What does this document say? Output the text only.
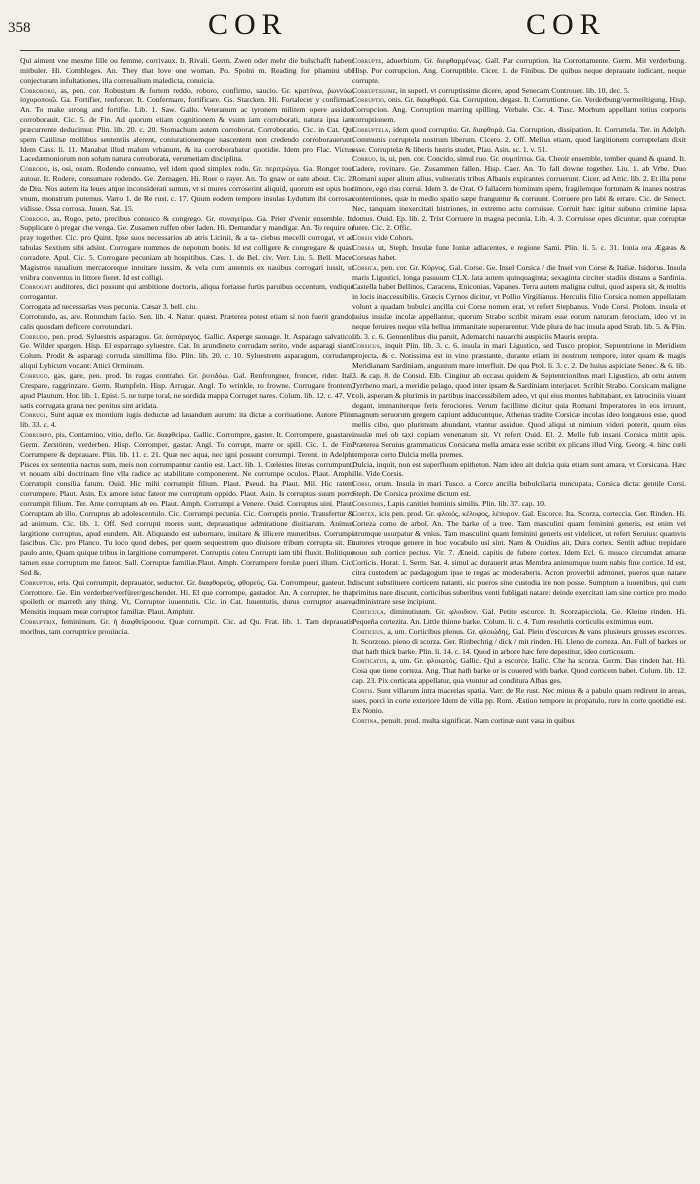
358	COR	COR

Qui aiment vne mesme fille ou femme, corrivaux. It. Rivali. Germ. Zwen oder mehr die bulschafft haben/ mitbuler. Hi. Combleges. An. They that love one woman. Po. Spolni m. Reading for pliamini ubi conjecturam infultationes, illa correualium maledicta, conuicia.

Corroboro, as, pen. cor. Robustum & fortem reddo, roboro, confirmo, saucio. Gr. κρατύνω, ῥωννύω, ἰσχυροποιῶ. Ga. Fortifier, renforcer. It. Confermare, fortificare. Gs. Starcken. Hi. Fortalecer y confirmar. An. To make strong and fortifie. Lib. 1. Saw. Gallo. Veteranum ac tyronem militem opere assiduo corroborauit. Cic. 5. de Fin. Ad quorum etiam cognitionem & vsum iam corroborati, natura ipsa iam præcurrente deducimur. Plin. lib. 20. c. 20. Stomachum autem corroborat. Corroboratio. Cic. in Cat. Qui spem Catilinæ mollibus sententiis alerent, coniurationemque nascentem non credendo corroborauerunt. Idem Cass. li. 11. Manabat illud malum vrbanum, & ita corroborabatur quotidie. Idem pro Flac. Victus Lacedæmoniorum non solum natura corroborata, verumetiam disciplina.

Corrodo, is, osi, osum. Rodendo consumo, vel idem quod simplex rodo. Gr. περιτρώγω. Ga. Ronger tout autour. It. Rodere, consumare rodendo. Ge. Zernagen. Hi. Roer o rayer. An. To gnaw or eate about. Cic. 2. de Diu. Nos autem ita leues atque inconsiderati sumus, vt si mures corroserint aliquid, quorum est opus hoc vnum, monstrum putemus. Varro 1. de Re rust. c. 17. Quum eodem tempore insulas Lydutum ibi corrosas vidisse. Ossa corrosa. Juuen. Sat. 15.

Corrogo, as, Rogo, peto, precibus conuoco & congrego. Gr. συναγείρω. Ga. Prier d'venir ensemble. It. Supplicare ò pregar che venga. Ge. Zusamen ruffen ober laden. Hi. Demandar y mandigar. An. To require or pray together. Cic. pro Quint. Ipse suos necessarios ab atris Licinii, & a ta- ciebus mecelli corrogat, vt ad tabulas Sextium sibi adsint. Corrogare nummos de nepotum bonis. Id est colligere & congregare & quasi corradere. Apul. Cic. 5. Corrogare pecuniam ab hospitibus. Cæs. 1. de Bel. civ. Verr. Liu. 5. Bell. Mace. Magistros naualium mercatoreque intuitare iussim, & vela cum antennis ex nauibus corrogari iussit, ut vnibra conventus in littore fieret. Id est colligi.

Corrogati auditores, dici possunt qui ambitione doctoris, aliqua fortasse furtis paruibus occentum, vndique corrogantur.

Corrogata ad necessarias vsus pecunia. Cæsar 3. bell. ciu.

Corrotundo, as, are. Rotundum facio. Sen. lib. 4. Natur. quæst. Præterea potest etiam si non fuerit grando, calis quosdam deficere corrotundari.

Corrudo, pen. prod. Syluestris asparagus. Gr. ἀσπάραγος. Gallic. Asperge sauuage. It. Asparago salvatico. Ge. Wilder spargen. Hisp. El esparrago syluestre. Cat. In arundineto corrudam serito, vnde asparagi siant. Colum. Prodit & asparagi corruda simillima filo. Plin. lib. 20. c. 10. Syluestrem asparagum, corrudam, aliqui Lybicum vocant: Attici Orminum.

Corrugo, gas, gare, pen. prod. In rugas contraho. Gr. ῥυτιδόω. Gal. Renfrongner, froncer, rider. Ital. Crespare, raggrinzare. Germ. Rumpfeln. Hisp. Arrugar. Angl. To wrinkle, to frowne. Corrugare frontem, apud Plautum. Hor. lib. 1. Epist. 5. ne turpe toral, ne sordida mappa Corruget nares. Colum. lib. 12. c. 47. Vt satis corrugata grana nec penitus sint aridata.

Corrugi, Sunt aquæ ex montium iugis deductæ ad lauandum aurum: ita dictæ a corriuatione. Autore Plin. lib. 33. c. 4.

Corrumpo, pis, Contamino, vitio, deflo. Gr. διαφθείρω. Gallic. Corrompre, gaster. It. Corrompere, guastare. Germ. Zerstören, verderben. Hisp. Corromper, gastar. Angl. To corrupt, marre or spill. Cic. 1. de Fin. Corrumpere & deprauare. Plin. lib. 11. c. 21. Quæ nec aqua, nec igni possunt corrumpi. Terent. in Adelph. Pisces ex sententia nactus sum, meis non corrumpantur cautio est. Lact. lib. 1. Cœlestes literas corrumpunt, vt nouam sibi doctrinam fine vlla radice ac stabilitate componerent. Ne corrumpe oculos. Plaut. Amph. Corrumpit consilia fatum. Ouid. Hic mihi corrumpit filium. Plaut. Pseud. Ita Plaut. Mil. Hic ratem corrumpere. Plaut. Asin. Ex amore istuc fateor me corruptum oppido. Plaut. Asin. Is corruptus suum porro corrumpit filium. Ter. Ante corruptam ab eo. Plaut. Amph. Corrumpi a Venere. Ouid. Corruptus uini. Plaut. Corruptam ab illo. Corruptus ab adolescentulo. Cic. Corrumpi pecunia. Cic. Corruptis pretio. Transfertur & ad animum. Cic. lib. 1. Off. Sed corrupti mores sunt, deprauatique admiratione diuitiarum. Animus largitione corruptus, apud eundem. Alt. Aliquando est subornare, inuitare & illicere muneribus. Corrumpi fascibus. Cic. pro Planco. Tu loco quod debes, per quem sequestrem quo diuisore tribum corrupta sit. Et paulo ante, Quam quique tribus in largitione corrumperet. Corruptis coteu Corrupti iam tibi fluxit. Bolitique tamen esse corruptum me fateor. Sall. Corruptæ familiæ.Plaut. Amph. Corrumpere ferulæ pueri illum. Cic. Sed &.

Corruptor, eris. Qui corrumpit, deprauator, seductor. Gr. διαφθορεύς, φθορεύς. Ga. Corrompeur, gasteur. It. Corrottore. Ge. Ein verderber/verfürer/geschendet. Hi. El que corrompe, gastador. An. A corrupter, he that spoileth or marreth any thing. Vt, Corruptor iuuentutis. Cic. in Cat. Iuuentutis, durus corruptor auare, Mensitis inquam meæ corruptor familiæ. Plaut. Amphitr.

Corruptrix, femininum. Gr. ἡ διαφθείρουσα. Quæ corrumpit. Cic. ad Qu. Frat. lib. 1. Tam deprauatis moribus, tam corruptrice prouincia.

Corrupte, aduerbium. Gr. διεφθαρμένως. Gall. Par corruption. Ita Corrottamente. Germ. Mit verderbung. Hisp. Por corrupcion. Ang. Corruptible. Cicer. 1. de Finibus. De quibus neque deprauate iudicant, neque corrupte.

Corruptissime, in superl. vt corruptissime dicere, apud Senecam Controuer. lib. 10. dec. 5.

Corruptio, onis. Gr. διαφθορά. Ga. Corruption, degast. It. Corruttione. Ge. Verderbung/vermeiltigung. Hisp. Corrupcion. Ang. Corruption marring spilling. Verbale. Cic. 4. Tusc. Morbum appellant totius corporis corruptionem.

Corruptela, idem quod corruptio. Gr. διαφθορά. Ga. Corruption, dissipation. It. Corruttela. Ter. in Adelph. Communis corruptela nostrum liberum. Cicero. 2. Off. Melius etiam, quod largitionem corruptelam dixit esse. Corruptelæ & liberis lustris studet, Plau. Asin. sc. 1. v. 51.

Corruo, is, ui, pen. cor. Concido, simul ruo. Gr. συμπίπτω. Ga. Cheoir ensemble, tomber quand & quand. It. Cadere, rovinare. Ge. Zusammen fallen. Hisp. Caer. An. To fall downe together. Liu. 1. ab Vrbe. Duo Romani super alium alius, vulneratis tribus Albanis expirantes corruerunt. Cicer. ad Attic. lib. 2. Et illa pene timore, ego risu corrui. Idem 3. de Orat. O fallacem hominum spem, fragilemque fortunam & inanes nostras contentiones, quæ in medio spatio sæpe franguntur & corruunt. Corruere pro labi & errare. Cic. de Senect. Nec, tanquam inexercitati histriones, in extremo actu corruisse. Corruit hæc igitur subuno crimine lapsa domus. Ouid. Ep. lib. 2. Trist Corruere in magna pecunia. Lib. 4. 3. Corruisse opes dicuntur, quæ corruptæ fuere. Cic. 2. Offic.

Corsis vide Cohors.

Corsea ut, Steph. Insulæ fune Ioniæ adiacentes, e regione Sami. Plin. li. 5. c. 31. Ionia ora Ægæas & Corseas habet.

Corsica, pen. cor. Gr. Κύρνος. Gal. Corse. Ge. Insel Corsica / die Insel von Corse & Italiæ. Isidorus. Insula maris Ligustici, longa passuum CLX. lata autem quinquaginta; sexaginta circiter stadiis distans a Sardinia. Castella habet Bellinos, Caracens, Eniconias, Vapanes. Terra autem maligna cultui, quod aspera sit, & multis in locis inaccessibilis. Græcis Cyrnos dicitur, vt Pollio Virgilianus. Herculis filio Corsica nomen appellatam volunt a quadam bubulci ancilla cui Corse nomen erat, vt refert Stephanus. Vnde Corsi. Ptolom. insula et huius insulæ incolæ appellantur, quorum Strabo scribit miram esse eorum naturam ferociam, ideo vt in neque feruires neque vila bellua immanitate superarentur. Vide plura de hac insula apud Strab. lib. 5. & Plin. lib. 3. c. 6. Genuenlibus diu paruit, Ademarchi nauarchi auspiciis Mauris erepta.

Corsicus, inquit Plin. lib. 3. c. 6. insula in mari Ligustico, sed Tusco propior, Septentrione in Meridiem projecta, & c. Notissima est in vino præstante, durante etiam in nostrum tempore, inter quam & magis Meridianam Sardiniam, angustum mare interfluit. De qua Ptol. li. 3. c. 2. De huius aspiciate Senec. & 6. lib. 3. & cap. 8. de Consul. Elb. Cingitur ab occasu quidem & Septentrionibus mari Ligustico, ab ortu autem Tyrrheno mari, a meridie pelago, quod inter ipsam & Sardiniam interjacet. Scribit Strabo. Corsicam maligne coli, asperam & plurimis in partibus inaccessibilem adeo, vt qui eius montes habitabant, ex latrociniis viuant degant, immaniterque feris ferociores. Verum facillime dicitur quia Romani Imperatores in eos irruunt, magnum seruorum gregem capiunt adducuntque, Athenas tradite Corsicæ incolas ideo longæuos esse, quod mellis cibo, quo plurimum abundant, vtantur assidue. Quod aliqui ut nimium videri poterit, quum eius insulæ mel ob taxi copiam venenatum sit. Vt refert Ouid. El. 2. Melle fub insani Corsica mittit apis. Præterea Seruius grammaticus Corsicana mella amara esse scribit ex plicans illud Virg. Georg. 4. hinc cœli temporæ certo Dulcia mella premes.

Dulcia, inquit, non est superfluum epitheton. Nam ideo ait dulcia quia etiam sunt amara, vt Corsicana. Hæc ille. Vide Corsis.

Corsi, orum. Insula in mari Tusco. a Corce ancilla bubulcilaria nuncupata, Corsica dicta: gentile Corsi. Steph. De Corsica proxime dictum est.

Corsoides, Lapis canitiei hominis similis. Plin. lib. 37. cap. 10.

Cortex, icis pen. prod. Gr. φλοιός, κέλυφος, λέπυρον. Gal. Escorce. Ita. Scorza, corteccia. Ger. Rinden. Hi. Corteza como de arbol. An. The barke of a tree. Tam masculini quam feminini generis, est enim vel utrumque usurpatur & vnius. Tam masculini quam feminini generis est videlicet, ut refert Seruius: quamvis autores vtroque genere in hoc vocabulo usi sint. Nam & Ouidius ait, Dura cortex. Sentit adhuc trepidare nouo sub cortice pectus. Vir. 7. Æneid. capitis de fubere cortex. Idem Ecl. 6. musco circumdat amaræ Corticis. Horat. 1. Serm. Sat. 4. simul ac durauerit ætas Membra animumque tuum nabis fine cortice. Id est, citra custodem ac pædagogum ipse te regas ac moderaberis. Acron proverbii admonet, pueros quæ natare discunt substituere corticem natanti, sic pueros sine custodia ire non posse. Sumptum a iuuenibus, qui cum primitus nare discunt, corticibus suberibus venti fubligati natare: deinde exercitati iam sine cortice pro modo administrare sese incipiunt.

Corticula, diminutiuum. Gr. φλοιδιον. Gal. Petite escorce. It. Scorzapicciola. Ge. Kleine rinden. Hi. Pequeña cortezita. An. Little thinne barke. Colum. li. c. 4. Tum resolutis corticulis eximimus eum.

Corticeus, a, um. Corticibus plenus. Gr. φλοιώδης. Gal. Plein d'escorces & vans plusieurs grosses escorces. It. Scorzoso. pieno di scorza. Ger. Rinbechtig / dick / mit rinden. Hi. Lleno de corteza. An. Full of barkes or that hath thick barke. Plin. li. 14. c. 14. Quod in arbore hæc fere depestitur, ideo corticosum.

Corticatus, a, um. Gr. φλοιωτός. Gallic. Qui a escorce. Italic. Che ha scorza. Germ. Das rinden hat. Hi. Cosa que tiene corteza. Ang. That hath barke or is couered with barke. Quod corticem habet. Colum. lib. 12. cap. 23. Pix corticata appellatur, qua vtuntur ad conditura Albas ges.

Cortis. Sunt villarum intra macerias spatia. Varr. de Re rust. Nec minus & a pabulo quam redirent in areas, sues, porci in corte exteriore Idem de villa pp. Rom. Æstiuo tempore in propatulo, rure in corte quotidie est. Ex Nonio.

Cortina, penult. prod. multa significat. Nam cortinæ sunt vasa in quibus
